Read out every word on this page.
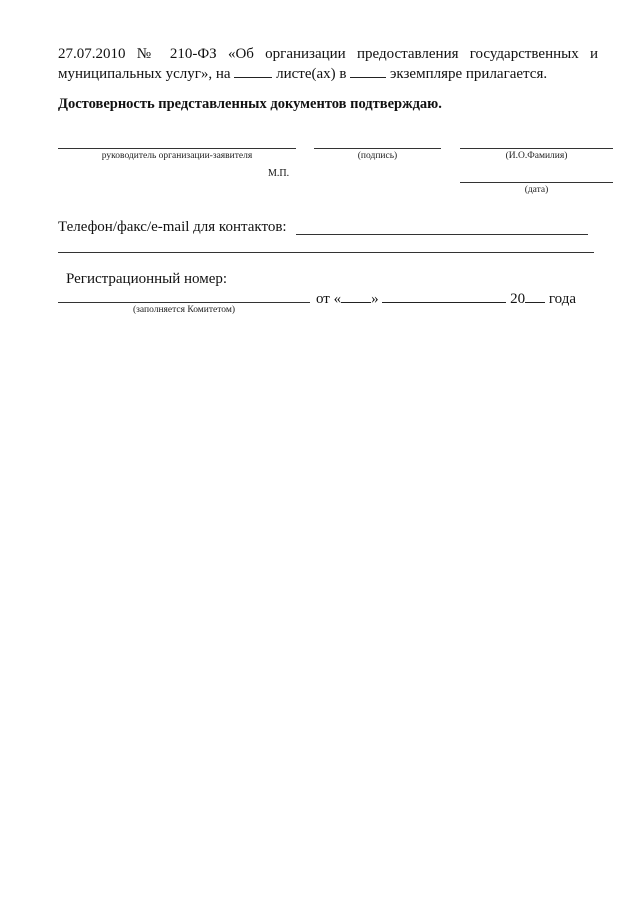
27.07.2010 № 210-ФЗ «Об организации предоставления государственных и
муниципальных услуг», на	листе(ах) в	экземпляре прилагается.
Достоверность представленных документов подтверждаю.
руководитель организации-заявителя	(подпись)	(И.О.Фамилия)
М.П.
(дата)
Телефон/факс/e-mail для контактов:
Регистрационный номер:
от « »	20 года
(заполняется Комитетом)
